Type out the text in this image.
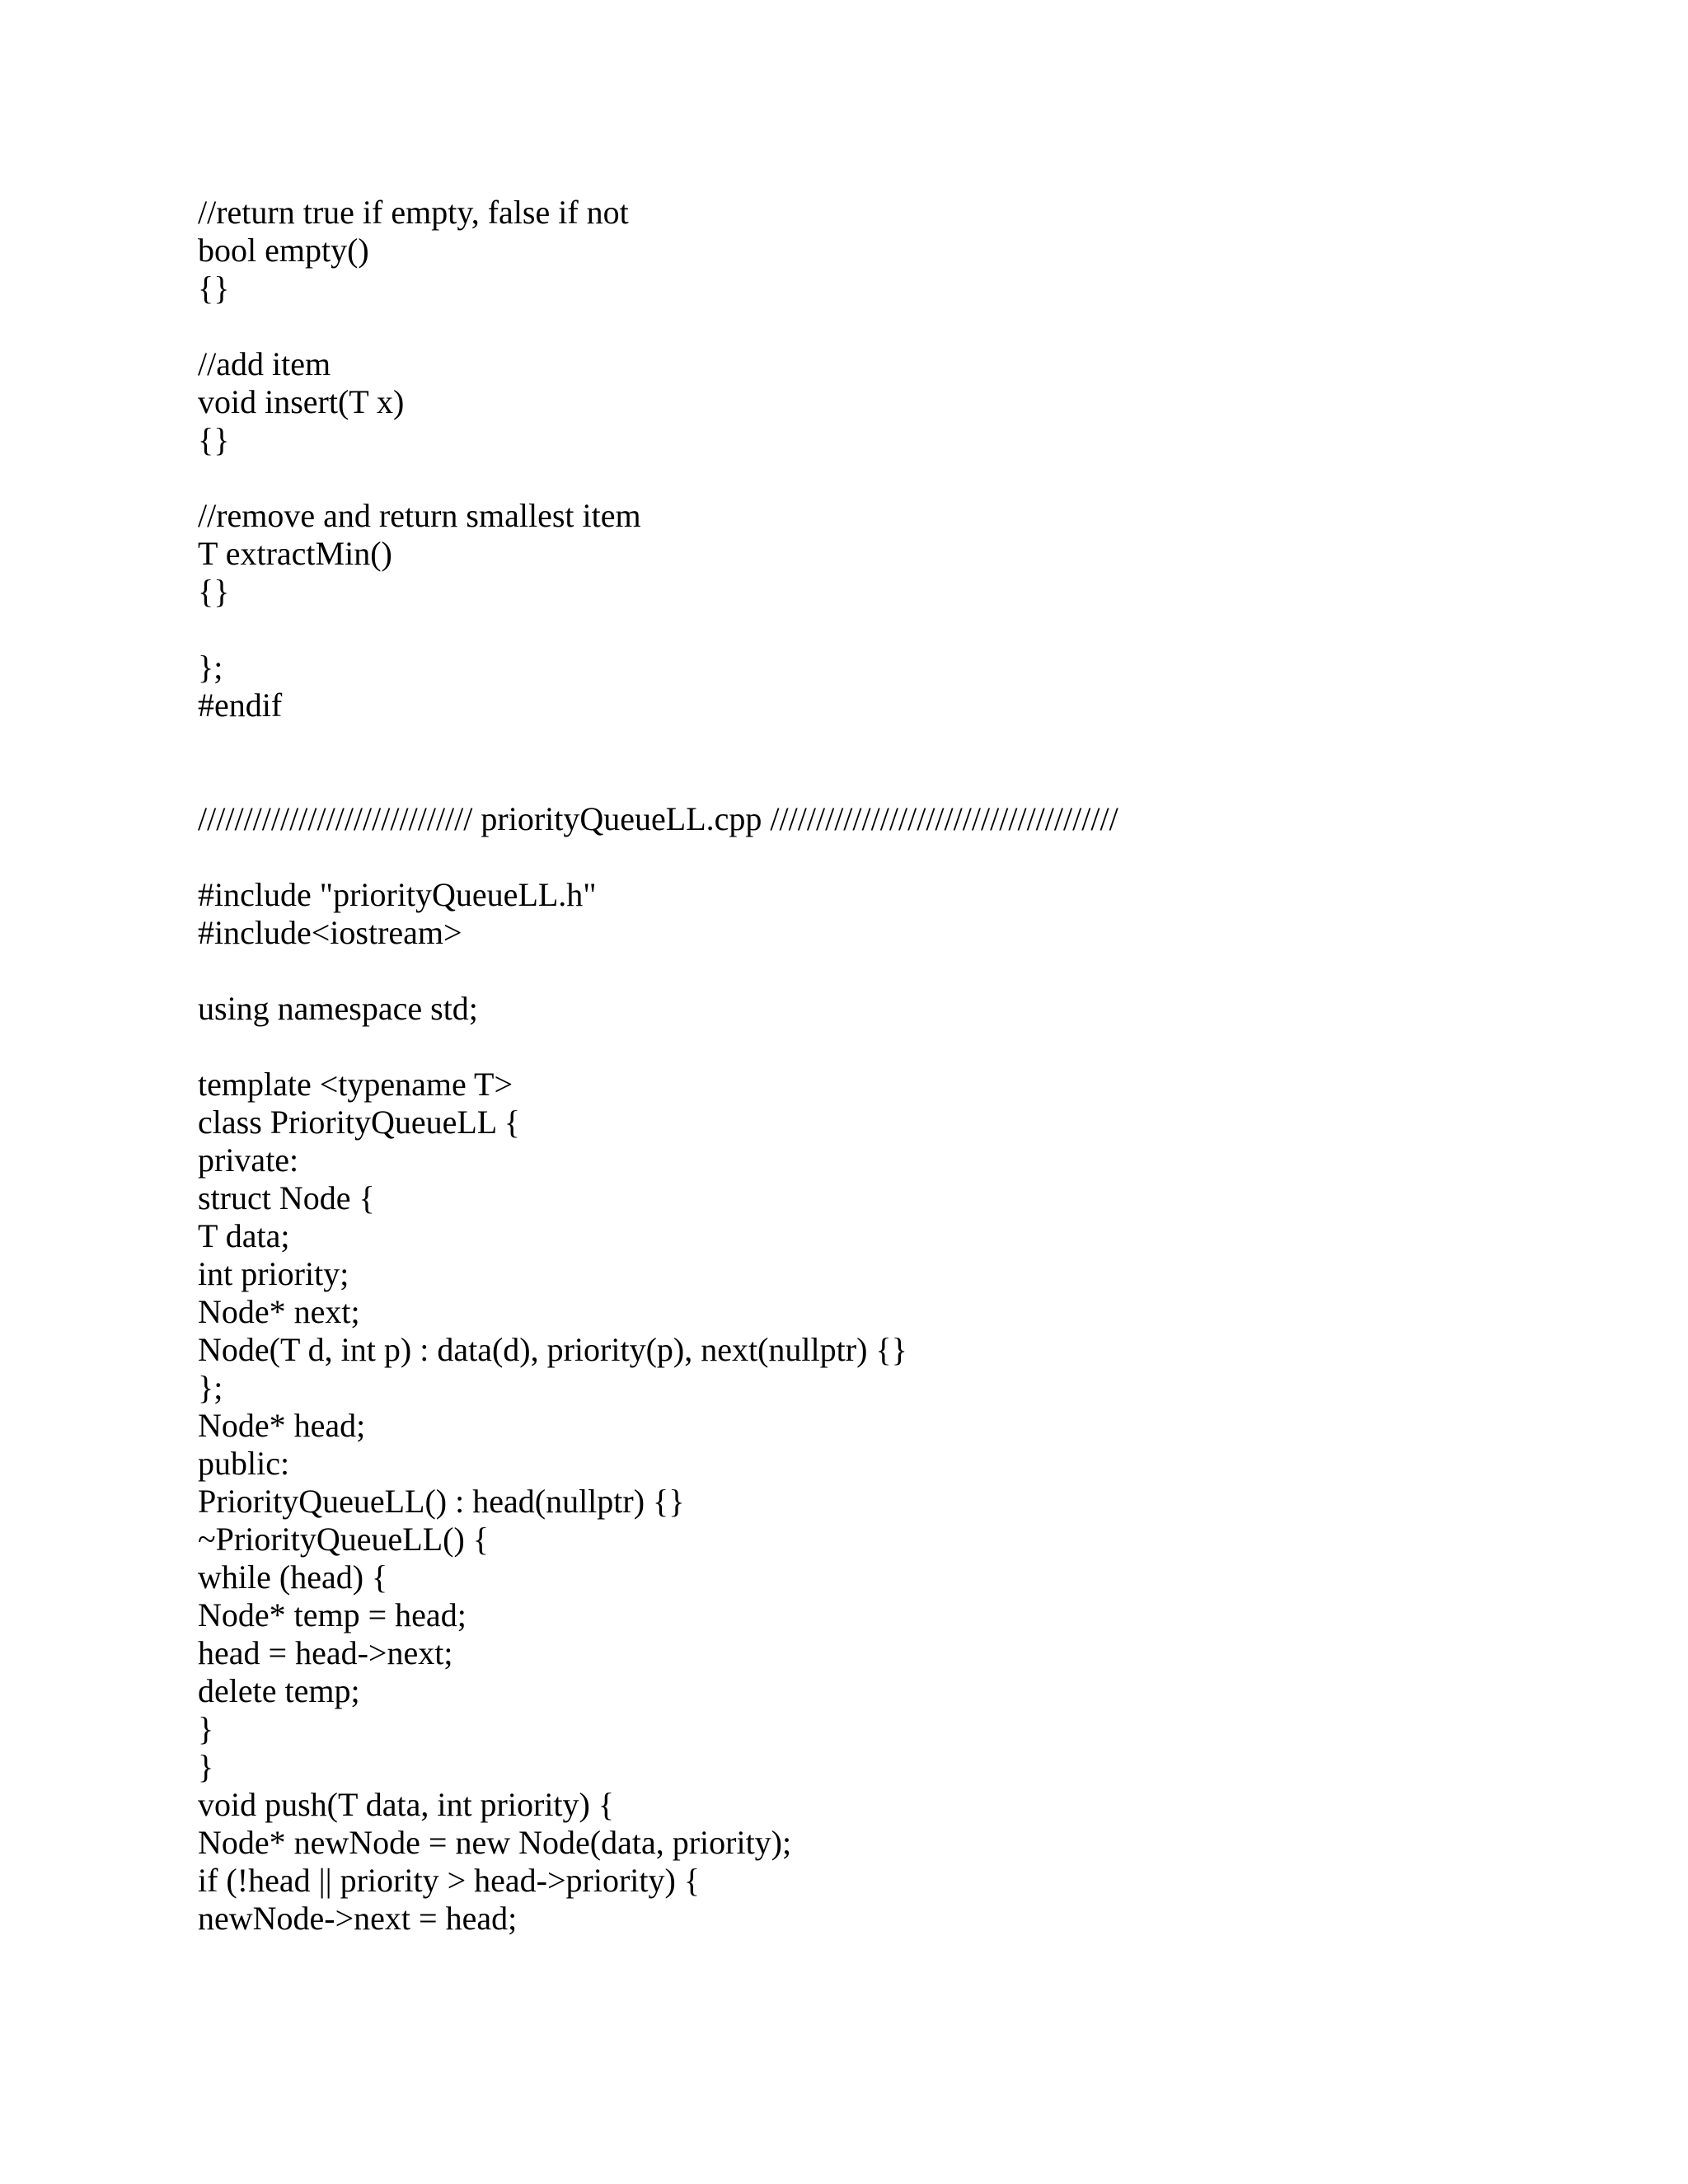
//return true if empty, false if not
bool empty()
{}
//add item
void insert(T x)
{}
//remove and return smallest item
T extractMin()
{}
};
#endif
////////////////////////////// priorityQueueLL.cpp //////////////////////////////////////
#include "priorityQueueLL.h"
#include<iostream>
using namespace std;
template <typename T>
class PriorityQueueLL {
private:
struct Node {
T data;
int priority;
Node* next;
Node(T d, int p) : data(d), priority(p), next(nullptr) {}
};
Node* head;
public:
PriorityQueueLL() : head(nullptr) {}
~PriorityQueueLL() {
while (head) {
Node* temp = head;
head = head->next;
delete temp;
}
}
void push(T data, int priority) {
Node* newNode = new Node(data, priority);
if (!head || priority > head->priority) {
newNode->next = head;
